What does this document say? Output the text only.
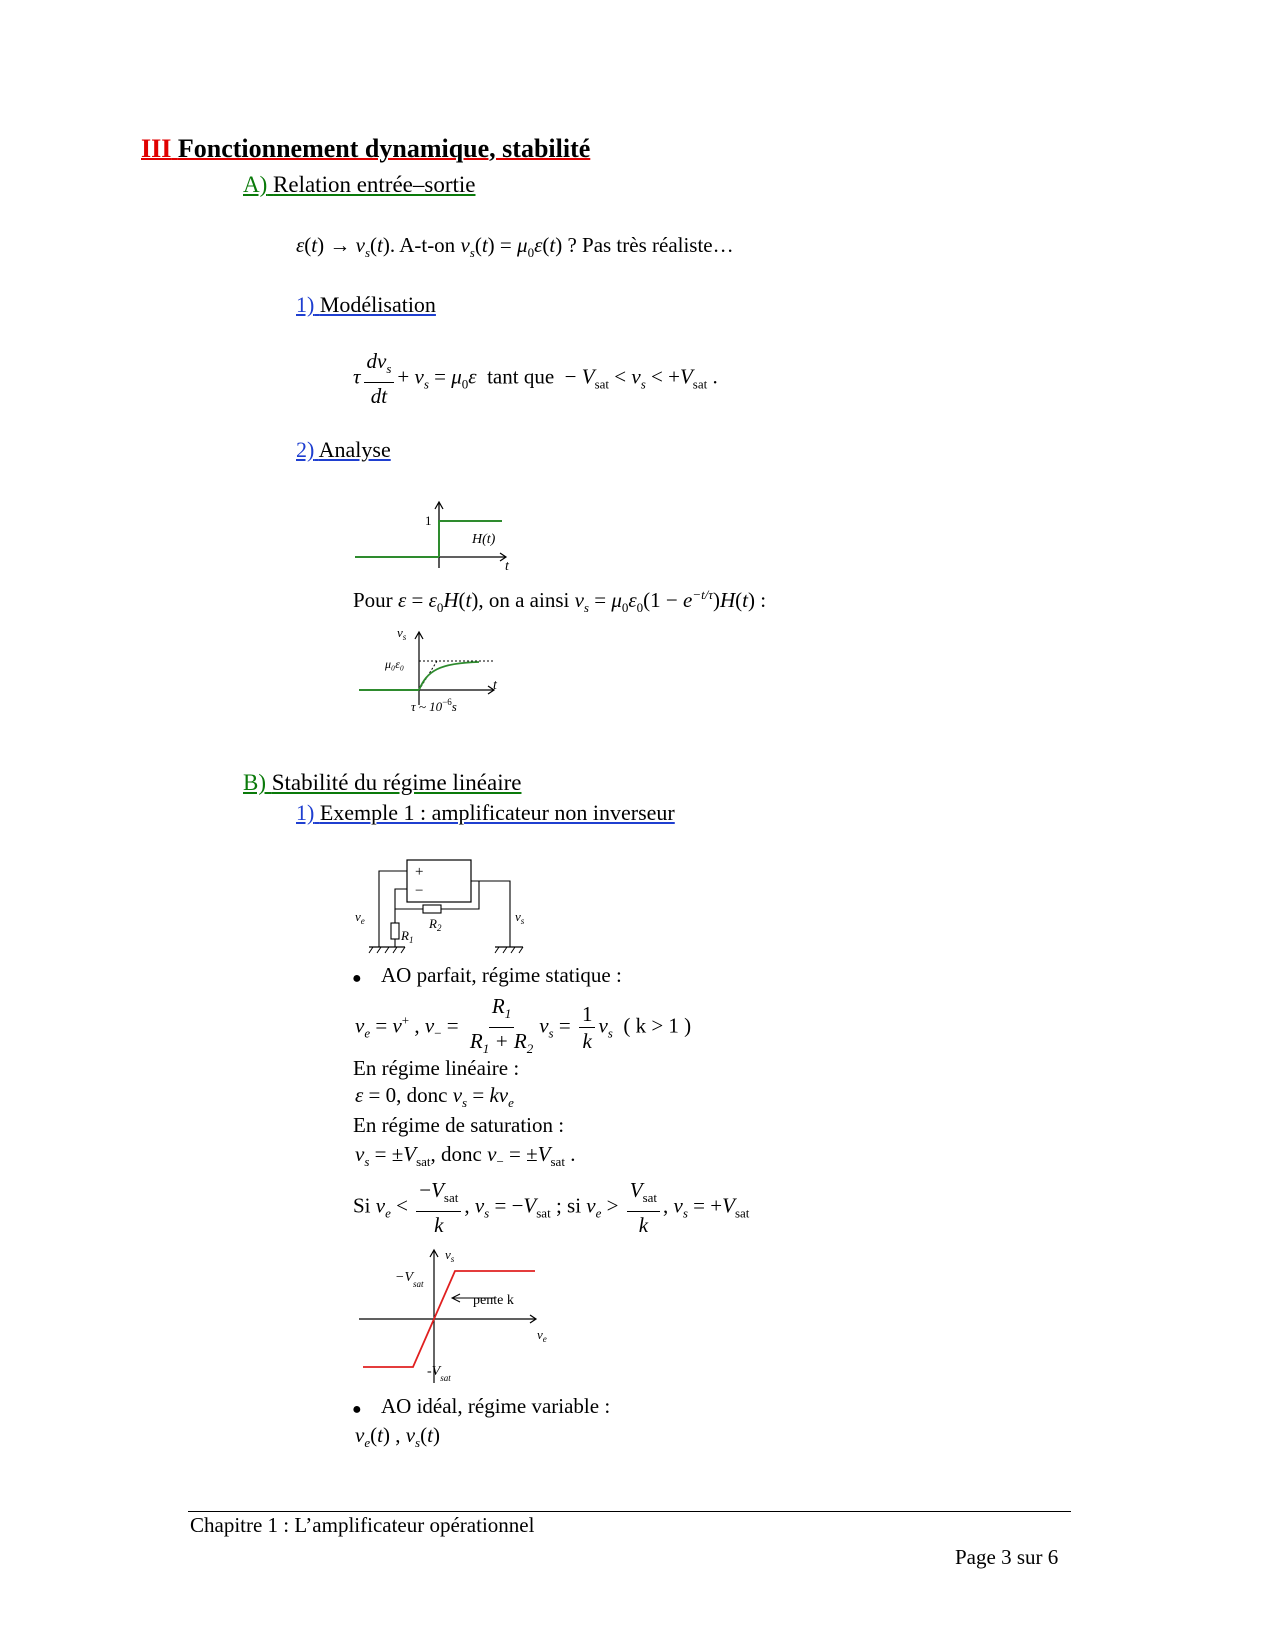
III Fonctionnement dynamique, stabilité
A) Relation entrée–sortie
$\varepsilon(t) \to v_s(t)$. A-t-on $v_s(t) = \mu_0\varepsilon(t)$ ? Pas très réaliste…
1) Modélisation
τ $\frac{dv_s}{dt} + v_s = \mu_0\varepsilon$ tant que  − $V_{sat} < v_s < +V_{sat}$ .
2) Analyse
1
H(t)
t
Pour $\varepsilon = \varepsilon_0H(t)$, on a ainsi $v_s = \mu_0\varepsilon_0(1 - e^{-t/\tau})H(t)$ :
$v_s$
μ₀ε₀
t
τ ~ $10^{-6}s$
B) Stabilité du régime linéaire
1) Exemple 1 : amplificateur non inverseur
+
−
$v_e$	$v_s$
$R_1$
$R_2$
● AO parfait, régime statique :
$v_e = v^+$ , $v_- = \frac{R_1}{R_1 + R_2} v_s = \frac{1}{k} v_s$ ( k > 1 )
En régime linéaire :
ε = 0, donc $v_s = kv_e$
En régime de saturation :
$v_s = \pm V_{sat}$, donc $v_- = \pm V_{sat}$ .
Si $v_e < \frac{-V_{sat}}{k}$ , $v_s = -V_{sat}$ ; si $v_e > \frac{V_{sat}}{k}$ , $v_s = +V_{sat}$
$-V_{sat}$
pente k
$-V_{sat}$
$v_s$
$v_e$
● AO idéal, régime variable :
$v_e(t)$ , $v_s(t)$
Chapitre 1 : L’amplificateur opérationnel
Page 3 sur 6
